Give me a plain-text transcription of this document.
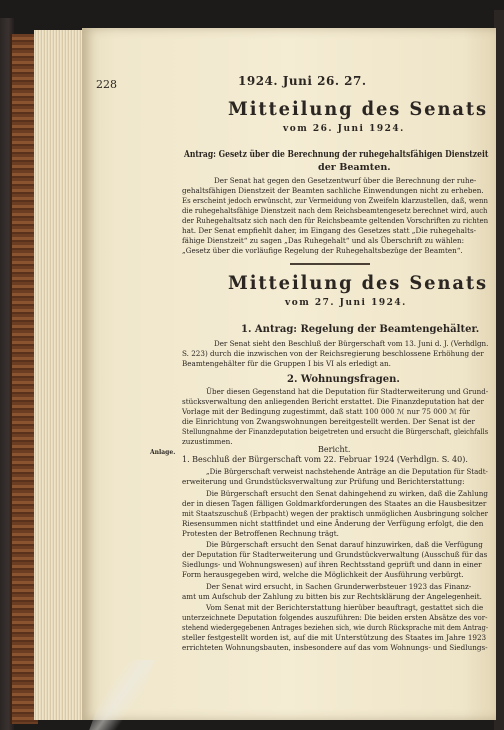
228	1924. Juni 26. 27.
Mitteilung des Senats
vom 26. Juni 1924.
Antrag: Gesetz über die Berechnung der ruhegehaltsfähigen Dienstzeit
der Beamten.
Der Senat hat gegen den Gesetzentwurf über die Berechnung der ruhe-
gehaltsfähigen Dienstzeit der Beamten sachliche Einwendungen nicht zu erheben.
Es erscheint jedoch erwünscht, zur Vermeidung von Zweifeln klarzustellen, daß, wenn
die ruhegehaltsfähige Dienstzeit nach dem Reichsbeamtengesetz berechnet wird, auch
der Ruhegehaltsatz sich nach den für Reichsbeamte geltenden Vorschriften zu richten
hat. Der Senat empfiehlt daher, im Eingang des Gesetzes statt „Die ruhegehalts-
fähige Dienstzeit“ zu sagen „Das Ruhegehalt“ und als Überschrift zu wählen:
„Gesetz über die vorläufige Regelung der Ruhegehaltsbezüge der Beamten“.
Mitteilung des Senats
vom 27. Juni 1924.
1. Antrag: Regelung der Beamtengehälter.
Der Senat sieht den Beschluß der Bürgerschaft vom 13. Juni d. J. (Verhdlgn.
S. 223) durch die inzwischen von der Reichsregierung beschlossene Erhöhung der
Beamtengehälter für die Gruppen I bis VI als erledigt an.
2. Wohnungsfragen.
Über diesen Gegenstand hat die Deputation für Stadterweiterung und Grund-
stücksverwaltung den anliegenden Bericht erstattet. Die Finanzdeputation hat der
Vorlage mit der Bedingung zugestimmt, daß statt 100 000 ℳ nur 75 000 ℳ für
die Einrichtung von Zwangswohnungen bereitgestellt werden. Der Senat ist der
Stellungnahme der Finanzdeputation beigetreten und ersucht die Bürgerschaft, gleichfalls
zuzustimmen.
Anlage.	Bericht.
1. Beschluß der Bürgerschaft vom 22. Februar 1924 (Verhdlgn. S. 40).
„Die Bürgerschaft verweist nachstehende Anträge an die Deputation für Stadt-
erweiterung und Grundstücksverwaltung zur Prüfung und Berichterstattung:
Die Bürgerschaft ersucht den Senat dahingehend zu wirken, daß die Zahlung
der in diesen Tagen fälligen Goldmarkforderungen des Staates an die Hausbesitzer
mit Staatszuschuß (Erbpacht) wegen der praktisch unmöglichen Ausbringung solcher
Riesensummen nicht stattfindet und eine Änderung der Verfügung erfolgt, die den
Protesten der Betroffenen Rechnung trägt.
Die Bürgerschaft ersucht den Senat darauf hinzuwirken, daß die Verfügung
der Deputation für Stadterweiterung und Grundstückverwaltung (Ausschuß für das
Siedlungs- und Wohnungswesen) auf ihren Rechtsstand geprüft und dann in einer
Form herausgegeben wird, welche die Möglichkeit der Ausführung verbürgt.
Der Senat wird ersucht, in Sachen Grunderwerbsteuer 1923 das Finanz-
amt um Aufschub der Zahlung zu bitten bis zur Rechtsklärung der Angelegenheit.
Vom Senat mit der Berichterstattung hierüber beauftragt, gestattet sich die
unterzeichnete Deputation folgendes auszuführen: Die beiden ersten Absätze des vor-
stehend wiedergegebenen Antrages beziehen sich, wie durch Rücksprache mit dem Antrag-
steller festgestellt worden ist, auf die mit Unterstützung des Staates im Jahre 1923
errichteten Wohnungsbauten, insbesondere auf das vom Wohnungs- und Siedlungs-
